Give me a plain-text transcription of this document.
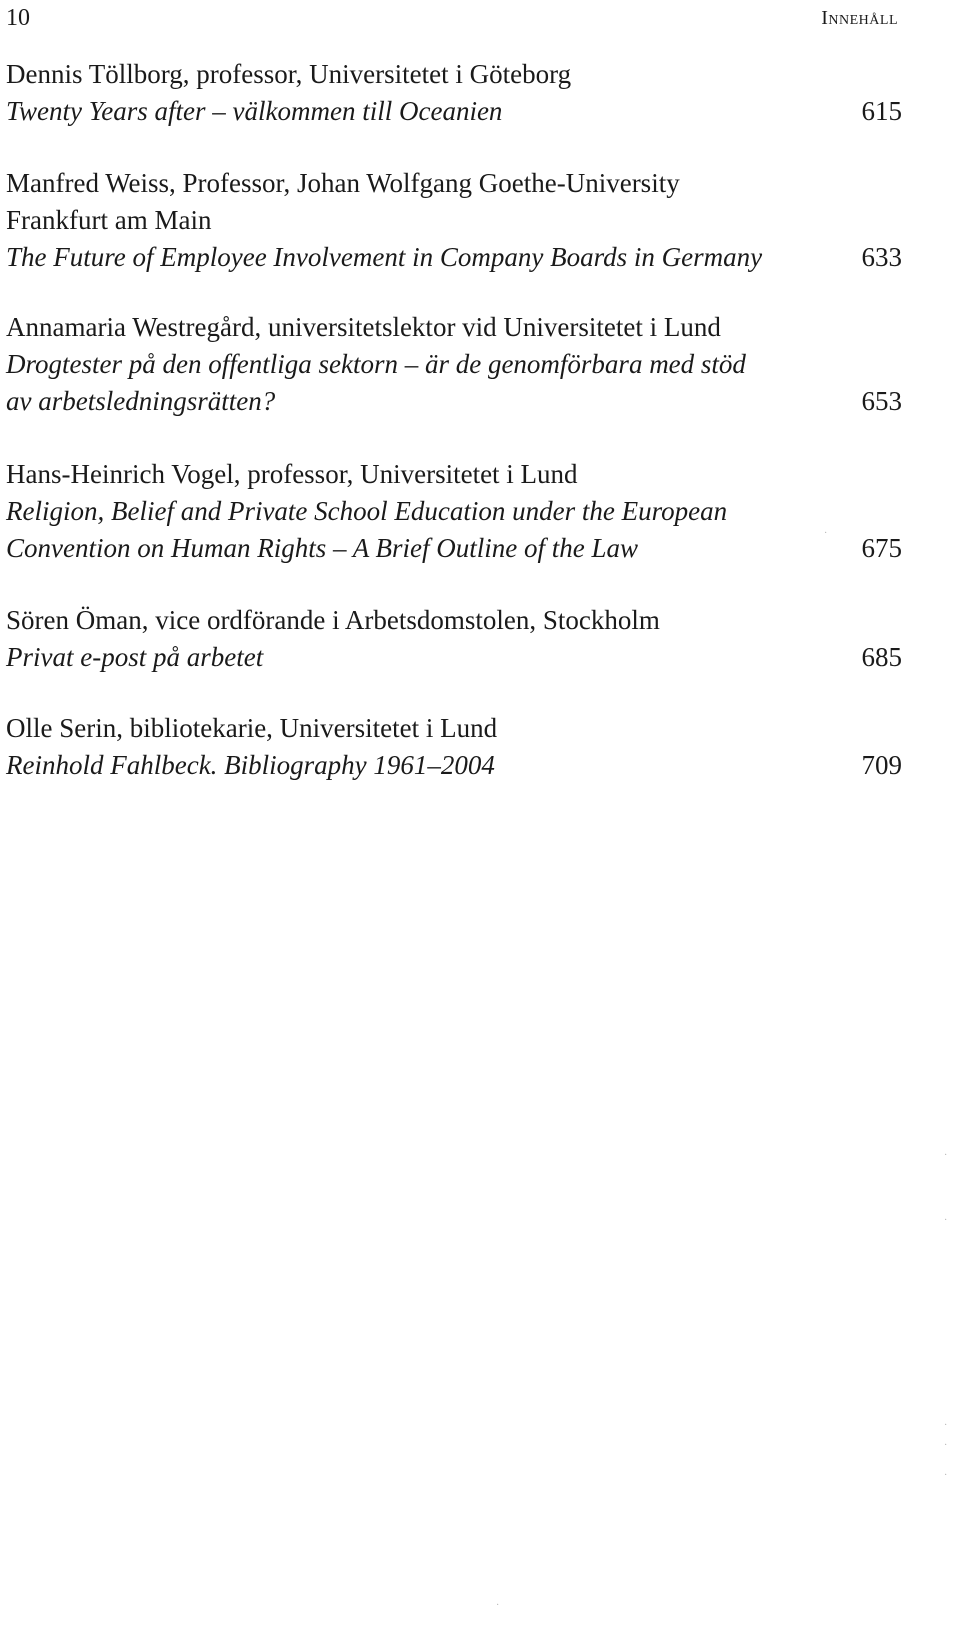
10	Innehåll
Dennis Töllborg, professor, Universitetet i Göteborg
Twenty Years after – välkommen till Oceanien	615
Manfred Weiss, Professor, Johan Wolfgang Goethe-University
Frankfurt am Main
The Future of Employee Involvement in Company Boards in Germany	633
Annamaria Westregård, universitetslektor vid Universitetet i Lund
Drogtester på den offentliga sektorn – är de genomförbara med stöd
av arbetsledningsrätten?	653
Hans-Heinrich Vogel, professor, Universitetet i Lund
Religion, Belief and Private School Education under the European
Convention on Human Rights – A Brief Outline of the Law	675
Sören Öman, vice ordförande i Arbetsdomstolen, Stockholm
Privat e-post på arbetet	685
Olle Serin, bibliotekarie, Universitetet i Lund
Reinhold Fahlbeck. Bibliography 1961–2004	709
·
·
·
·
·
·
·
